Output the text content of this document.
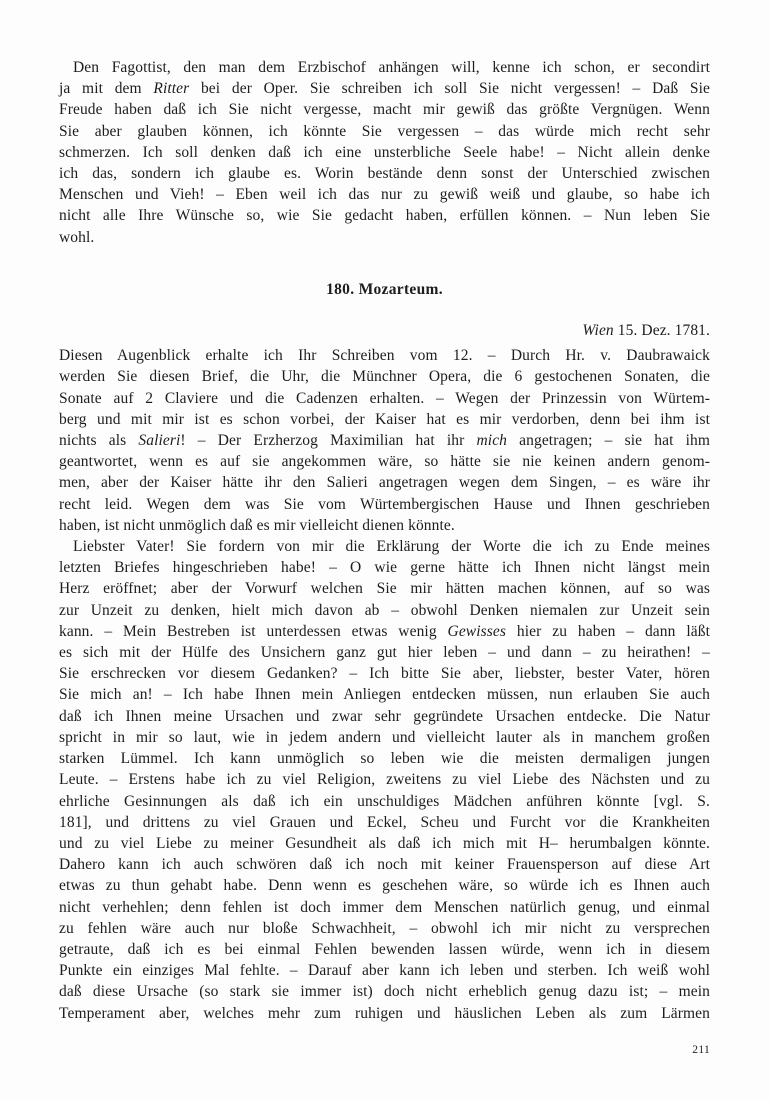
Den Fagottist, den man dem Erzbischof anhängen will, kenne ich schon, er secondirt
ja mit dem Ritter bei der Oper. Sie schreiben ich soll Sie nicht vergessen! – Daß Sie
Freude haben daß ich Sie nicht vergesse, macht mir gewiß das größte Vergnügen. Wenn
Sie aber glauben können, ich könnte Sie vergessen – das würde mich recht sehr
schmerzen. Ich soll denken daß ich eine unsterbliche Seele habe! – Nicht allein denke
ich das, sondern ich glaube es. Worin bestände denn sonst der Unterschied zwischen
Menschen und Vieh! – Eben weil ich das nur zu gewiß weiß und glaube, so habe ich
nicht alle Ihre Wünsche so, wie Sie gedacht haben, erfüllen können. – Nun leben Sie
wohl.
180. Mozarteum.
Wien 15. Dez. 1781.
Diesen Augenblick erhalte ich Ihr Schreiben vom 12. – Durch Hr. v. Daubrawaick
werden Sie diesen Brief, die Uhr, die Münchner Opera, die 6 gestochenen Sonaten, die
Sonate auf 2 Claviere und die Cadenzen erhalten. – Wegen der Prinzessin von Würtem-
berg und mit mir ist es schon vorbei, der Kaiser hat es mir verdorben, denn bei ihm ist
nichts als Salieri! – Der Erzherzog Maximilian hat ihr mich angetragen; – sie hat ihm
geantwortet, wenn es auf sie angekommen wäre, so hätte sie nie keinen andern genom-
men, aber der Kaiser hätte ihr den Salieri angetragen wegen dem Singen, – es wäre ihr
recht leid. Wegen dem was Sie vom Würtembergischen Hause und Ihnen geschrieben
haben, ist nicht unmöglich daß es mir vielleicht dienen könnte.
Liebster Vater! Sie fordern von mir die Erklärung der Worte die ich zu Ende meines
letzten Briefes hingeschrieben habe! – O wie gerne hätte ich Ihnen nicht längst mein
Herz eröffnet; aber der Vorwurf welchen Sie mir hätten machen können, auf so was
zur Unzeit zu denken, hielt mich davon ab – obwohl Denken niemalen zur Unzeit sein
kann. – Mein Bestreben ist unterdessen etwas wenig Gewisses hier zu haben – dann läßt
es sich mit der Hülfe des Unsichern ganz gut hier leben – und dann – zu heirathen! –
Sie erschrecken vor diesem Gedanken? – Ich bitte Sie aber, liebster, bester Vater, hören
Sie mich an! – Ich habe Ihnen mein Anliegen entdecken müssen, nun erlauben Sie auch
daß ich Ihnen meine Ursachen und zwar sehr gegründete Ursachen entdecke. Die Natur
spricht in mir so laut, wie in jedem andern und vielleicht lauter als in manchem großen
starken Lümmel. Ich kann unmöglich so leben wie die meisten dermaligen jungen
Leute. – Erstens habe ich zu viel Religion, zweitens zu viel Liebe des Nächsten und zu
ehrliche Gesinnungen als daß ich ein unschuldiges Mädchen anführen könnte [vgl. S.
181], und drittens zu viel Grauen und Eckel, Scheu und Furcht vor die Krankheiten
und zu viel Liebe zu meiner Gesundheit als daß ich mich mit H– herumbalgen könnte.
Dahero kann ich auch schwören daß ich noch mit keiner Frauensperson auf diese Art
etwas zu thun gehabt habe. Denn wenn es geschehen wäre, so würde ich es Ihnen auch
nicht verhehlen; denn fehlen ist doch immer dem Menschen natürlich genug, und einmal
zu fehlen wäre auch nur bloße Schwachheit, – obwohl ich mir nicht zu versprechen
getraute, daß ich es bei einmal Fehlen bewenden lassen würde, wenn ich in diesem
Punkte ein einziges Mal fehlte. – Darauf aber kann ich leben und sterben. Ich weiß wohl
daß diese Ursache (so stark sie immer ist) doch nicht erheblich genug dazu ist; – mein
Temperament aber, welches mehr zum ruhigen und häuslichen Leben als zum Lärmen
211
